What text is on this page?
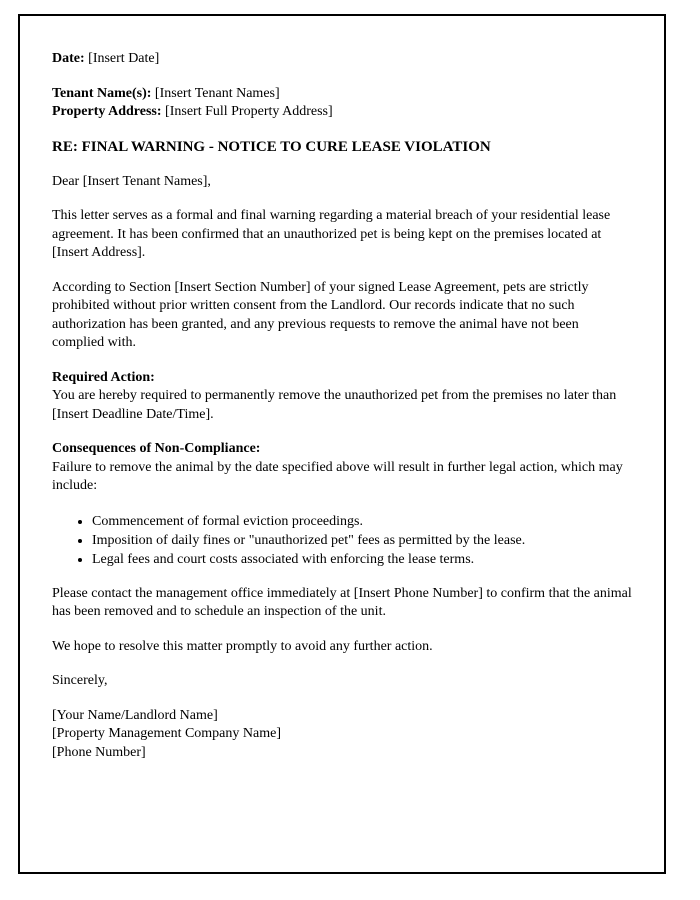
Date: [Insert Date]

Tenant Name(s): [Insert Tenant Names]

Property Address: [Insert Full Property Address]

RE: FINAL WARNING - NOTICE TO CURE LEASE VIOLATION

Dear [Insert Tenant Names],

This letter serves as a formal and final warning regarding a material breach of your residential lease agreement. It has been confirmed that an unauthorized pet is being kept on the premises located at [Insert Address].

According to Section [Insert Section Number] of your signed Lease Agreement, pets are strictly prohibited without prior written consent from the Landlord. Our records indicate that no such authorization has been granted, and any previous requests to remove the animal have not been complied with.

Required Action:

You are hereby required to permanently remove the unauthorized pet from the premises no later than [Insert Deadline Date/Time].

Consequences of Non-Compliance:

Failure to remove the animal by the date specified above will result in further legal action, which may include:

• Commencement of formal eviction proceedings.
• Imposition of daily fines or "unauthorized pet" fees as permitted by the lease.
• Legal fees and court costs associated with enforcing the lease terms.

Please contact the management office immediately at [Insert Phone Number] to confirm that the animal has been removed and to schedule an inspection of the unit.

We hope to resolve this matter promptly to avoid any further action.

Sincerely,

[Your Name/Landlord Name]

[Property Management Company Name]

[Phone Number]
